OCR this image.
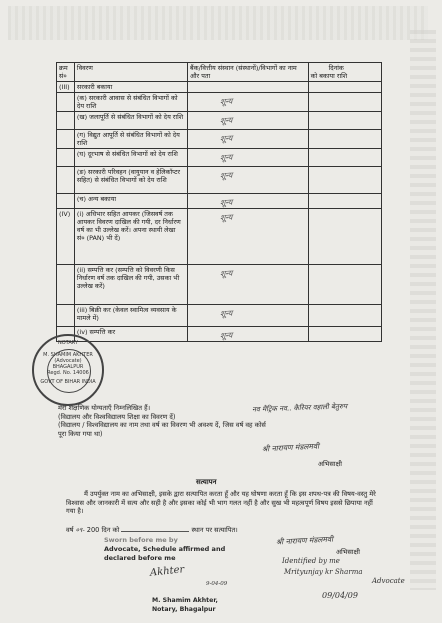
क्रम सं०	विवरण	बैंक/वित्तीय संस्थान (संस्थानों)/विभागों का नाम और पता	दिनांक
को बकाया राशि
(III)	सरकारी बकाया		
	(क) सरकारी आवास से संबंधित विभागों को देय राशि	शून्य	
	(ख) जलापूर्ति से संबंधित विभागों को देय राशि	शून्य	
	(ग) विद्युत आपूर्ति से संबंधित विभागों को देय राशि	शून्य	
	(घ) दूरभाष से संबंधित विभागों को देय राशि	शून्य	
	(ङ) सरकारी परिवहन (वायुयान व हेलिकॉप्टर सहित) से संबंधित विभागों को देय राशि	शून्य	
	(च) अन्य बकाया	शून्य	
(IV)	(i) अधिभार सहित आयकर (जिसवर्ष तक आयकर विवरण दाखिल की गयी, दर निर्धारण वर्ष का भी उल्लेख करें। अपना स्थायी लेखा सं० (PAN) भी दें)	शून्य	
	(ii) सम्पत्ति कर (सम्पत्ति को विवरणी किस निर्धारण वर्ष तक दाखिल की गयी, उसका भी उल्लेख करें)	शून्य	
	(iii) बिक्री कर (केवल स्वामित्व व्यवसाय के मामले में)	शून्य	
	(iv) सम्पत्ति कर	शून्य	
मेरी शैक्षणिक योग्यताएँ निम्नलिखित हैं।
(विद्यालय और विश्वविद्यालय शिक्षा का विवरण दें)
(विद्यालय / विश्वविद्यालय का नाम तथा वर्ष का विवरण भी अवश्य दें, जिस वर्ष वह कोर्स
पूरा किया गया था)
नव मैट्रिक नव.. कैरियर वहाली बेतुरुप
श्री नारायण मंडलमवी
अभिसाक्षी
सत्यापन
मैं उपर्युक्त नाम का अभिसाक्षी, इसके द्वारा सत्यापित करता हूँ और यह घोषणा करता हूँ कि इस शपथ-पत्र की विषय-वस्तु मेरे विश्वास और जानकारी में सत्य और सही है और इसका कोई भी भाग गलत नहीं है और सुख भी महत्वपूर्ण विषय इससे छिपाया नहीं गया है।
वर्ष ०९- 200 दिन को	स्थान पर सत्यापित।
श्री नारायण मंडलमवी
अभिसाक्षी
Identified by me
Mrityunjay kr Sharma
Advocate
09/04/09
Sworn before me by
Advocate, Schedule affirmed and
declared before me
Akhter
9-04-09
M. Shamim Akhter,
Notary, Bhagalpur
NOTARY
M. SHAMIM AKHTER
(Advocate)
BHAGALPUR
Regd. No. 14006
GOVT OF BIHAR INDIA
